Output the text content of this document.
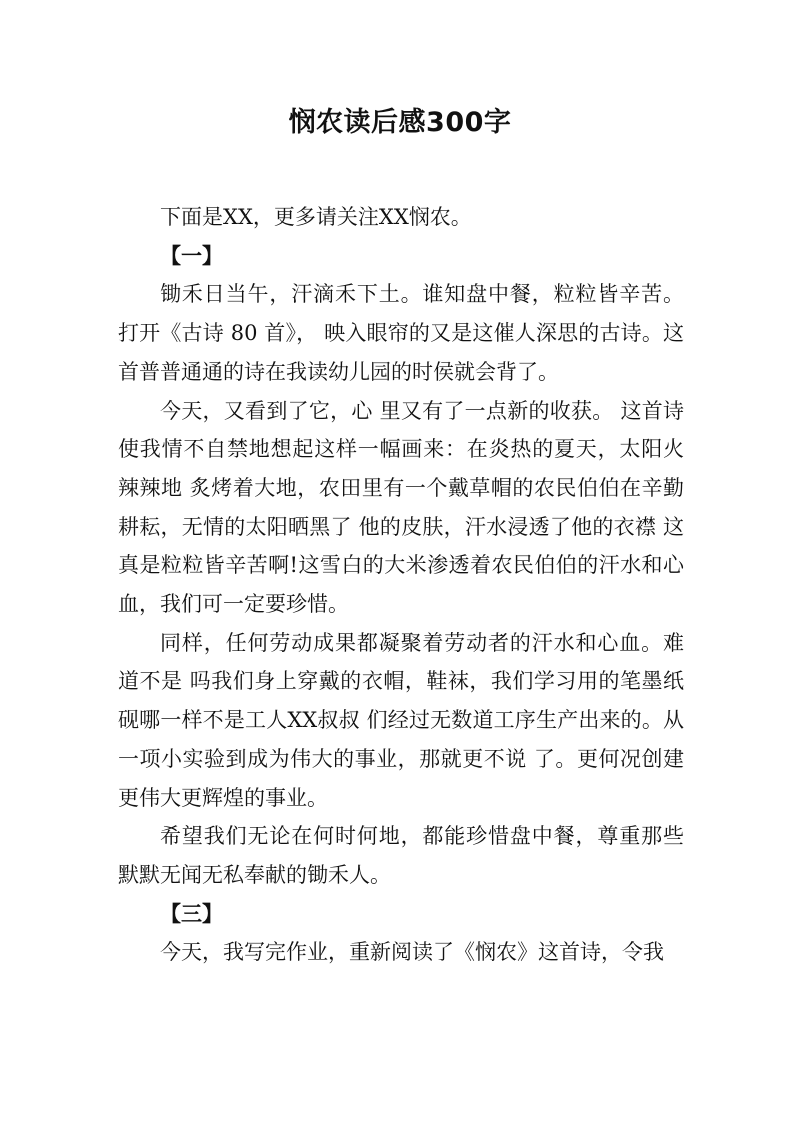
悯农读后感300字

下面是XX，更多请关注XX悯农。

【一】

锄禾日当午，汗滴禾下土。谁知盘中餐，粒粒皆辛苦。打开《古诗 80 首》， 映入眼帘的又是这催人深思的古诗。这首普普通通的诗在我读幼儿园的时侯就会背了。

今天，又看到了它，心 里又有了一点新的收获。 这首诗使我情不自禁地想起这样一幅画来：在炎热的夏天，太阳火辣辣地 炙烤着大地，农田里有一个戴草帽的农民伯伯在辛勤耕耘，无情的太阳晒黑了 他的皮肤，汗水浸透了他的衣襟 这真是粒粒皆辛苦啊!这雪白的大米渗透着农民伯伯的汗水和心血，我们可一定要珍惜。

同样，任何劳动成果都凝聚着劳动者的汗水和心血。难道不是 吗我们身上穿戴的衣帽，鞋袜，我们学习用的笔墨纸砚哪一样不是工人XX叔叔 们经过无数道工序生产出来的。从一项小实验到成为伟大的事业，那就更不说 了。更何况创建更伟大更辉煌的事业。

希望我们无论在何时何地，都能珍惜盘中餐，尊重那些默默无闻无私奉献的锄禾人。

【三】

今天，我写完作业，重新阅读了《悯农》这首诗，令我
